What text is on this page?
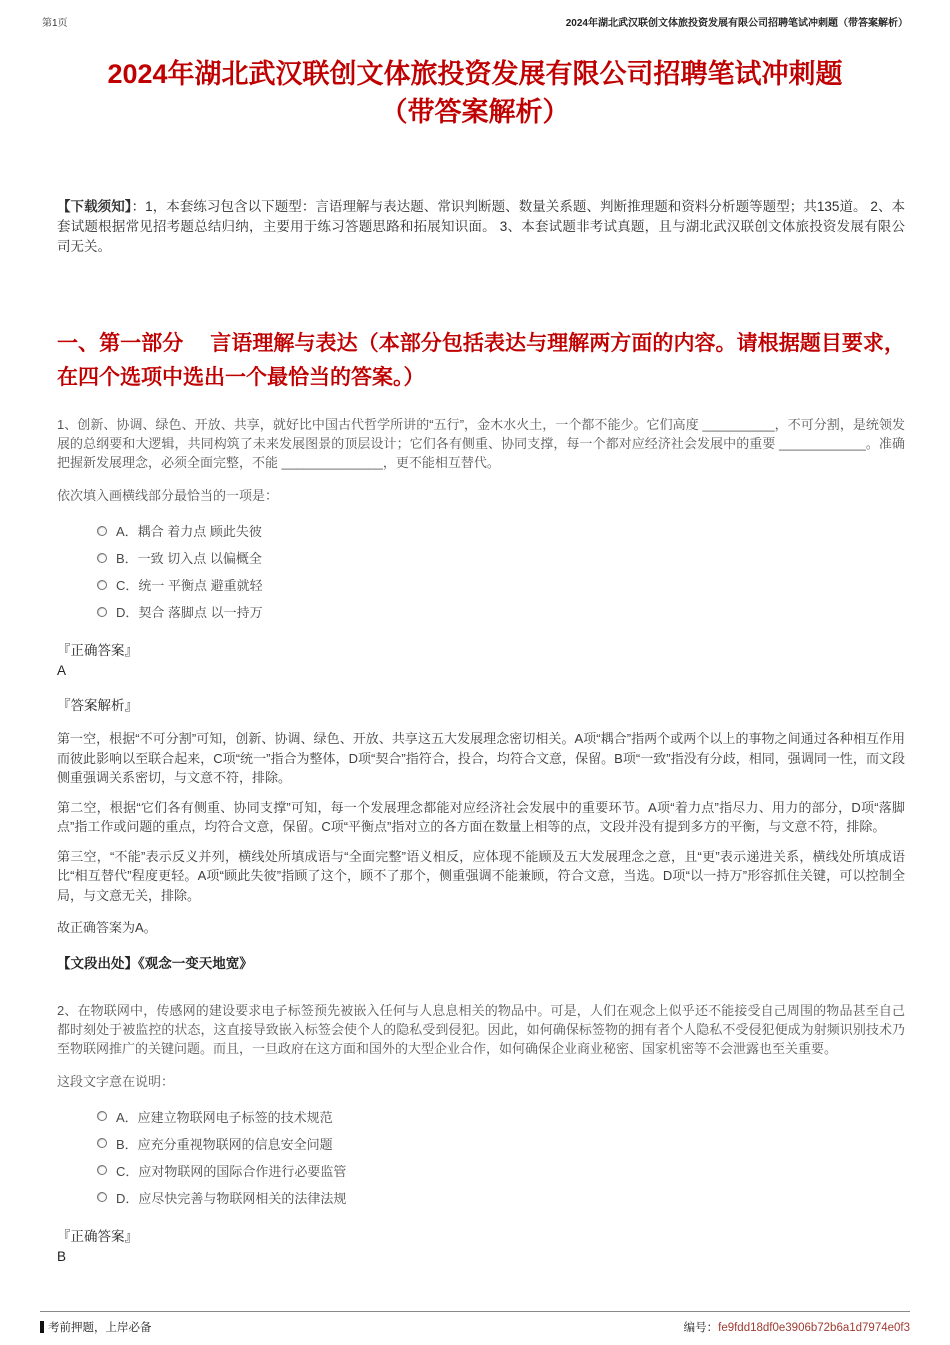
第1页	2024年湖北武汉联创文体旅投资发展有限公司招聘笔试冲刺题（带答案解析）
2024年湖北武汉联创文体旅投资发展有限公司招聘笔试冲刺题（带答案解析）

【下载须知】：1，本套练习包含以下题型：言语理解与表达题、常识判断题、数量关系题、判断推理题和资料分析题等题型；共135道。 2、本套试题根据常见招考题总结归纳，主要用于练习答题思路和拓展知识面。 3、本套试题非考试真题，且与湖北武汉联创文体旅投资发展有限公司无关。

一、第一部分　 言语理解与表达（本部分包括表达与理解两方面的内容。请根据题目要求，在四个选项中选出一个最恰当的答案。）

1、创新、协调、绿色、开放、共享，就好比中国古代哲学所讲的“五行”，金木水火土，一个都不能少。它们高度 __________，不可分割，是统领发展的总纲要和大逻辑，共同构筑了未来发展图景的顶层设计；它们各有侧重、协同支撑，每一个都对应经济社会发展中的重要 ____________。准确把握新发展理念，必须全面完整，不能 ______________，更不能相互替代。

依次填入画横线部分最恰当的一项是：

A．耦合 着力点 顾此失彼
B．一致 切入点 以偏概全
C．统一 平衡点 避重就轻
D．契合 落脚点 以一持万

『正确答案』

A

『答案解析』

第一空，根据“不可分割”可知，创新、协调、绿色、开放、共享这五大发展理念密切相关。A项“耦合”指两个或两个以上的事物之间通过各种相互作用而彼此影响以至联合起来，C项“统一”指合为整体，D项“契合”指符合，投合，均符合文意，保留。B项“一致”指没有分歧，相同，强调同一性，而文段侧重强调关系密切，与文意不符，排除。

第二空，根据“它们各有侧重、协同支撑”可知，每一个发展理念都能对应经济社会发展中的重要环节。A项“着力点”指尽力、用力的部分，D项“落脚点”指工作或问题的重点，均符合文意，保留。C项“平衡点”指对立的各方面在数量上相等的点，文段并没有提到多方的平衡，与文意不符，排除。

第三空，“不能”表示反义并列，横线处所填成语与“全面完整”语义相反，应体现不能顾及五大发展理念之意，且“更”表示递进关系，横线处所填成语比“相互替代”程度更轻。A项“顾此失彼”指顾了这个，顾不了那个，侧重强调不能兼顾，符合文意，当选。D项“以一持万”形容抓住关键，可以控制全局，与文意无关，排除。

故正确答案为A。

【文段出处】《观念一变天地宽》

2、在物联网中，传感网的建设要求电子标签预先被嵌入任何与人息息相关的物品中。可是，人们在观念上似乎还不能接受自己周围的物品甚至自己都时刻处于被监控的状态，这直接导致嵌入标签会使个人的隐私受到侵犯。因此，如何确保标签物的拥有者个人隐私不受侵犯便成为射频识别技术乃至物联网推广的关键问题。而且，一旦政府在这方面和国外的大型企业合作，如何确保企业商业秘密、国家机密等不会泄露也至关重要。

这段文字意在说明：

A．应建立物联网电子标签的技术规范
B．应充分重视物联网的信息安全问题
C．应对物联网的国际合作进行必要监管
D．应尽快完善与物联网相关的法律法规

『正确答案』

B

考前押题，上岸必备	编号：fe9fdd18df0e3906b72b6a1d7974e0f3
